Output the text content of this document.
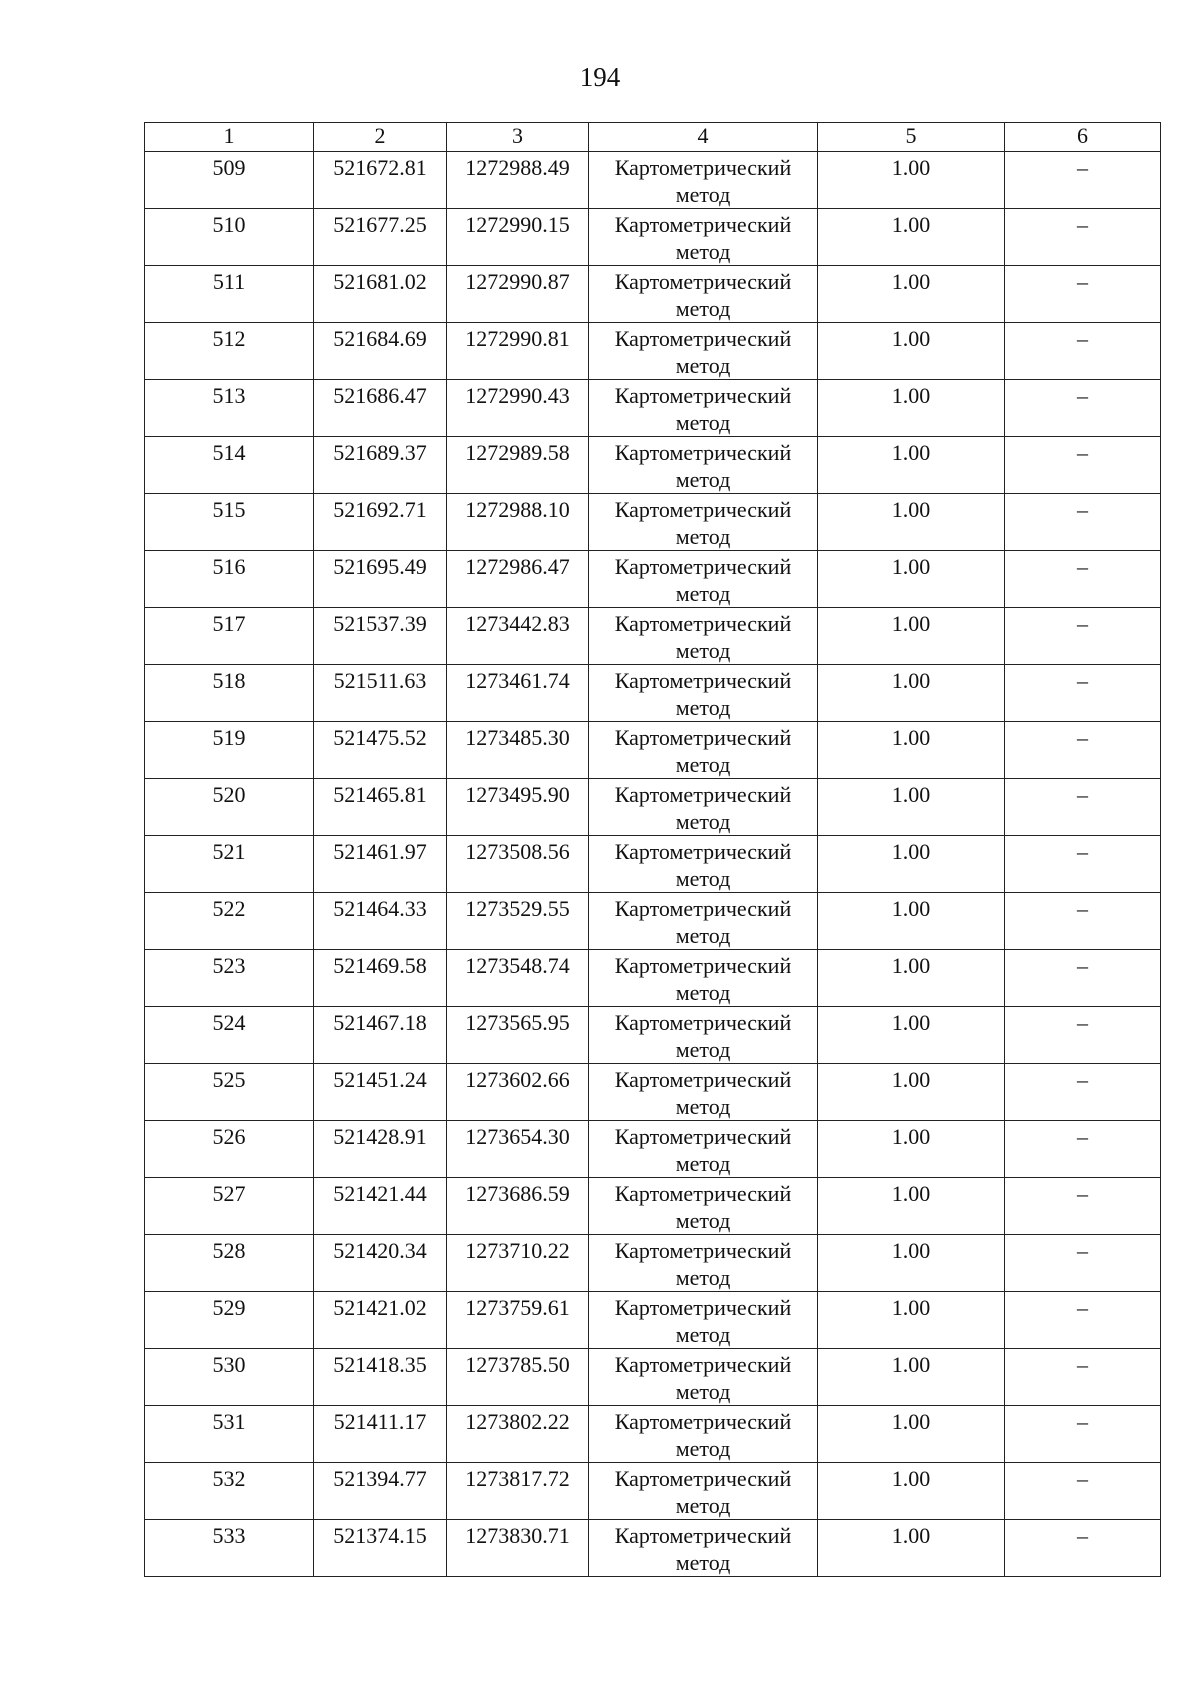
194
1	2	3	4	5	6
509	521672.81	1272988.49	Картометрический метод	1.00	–
510	521677.25	1272990.15	Картометрический метод	1.00	–
511	521681.02	1272990.87	Картометрический метод	1.00	–
512	521684.69	1272990.81	Картометрический метод	1.00	–
513	521686.47	1272990.43	Картометрический метод	1.00	–
514	521689.37	1272989.58	Картометрический метод	1.00	–
515	521692.71	1272988.10	Картометрический метод	1.00	–
516	521695.49	1272986.47	Картометрический метод	1.00	–
517	521537.39	1273442.83	Картометрический метод	1.00	–
518	521511.63	1273461.74	Картометрический метод	1.00	–
519	521475.52	1273485.30	Картометрический метод	1.00	–
520	521465.81	1273495.90	Картометрический метод	1.00	–
521	521461.97	1273508.56	Картометрический метод	1.00	–
522	521464.33	1273529.55	Картометрический метод	1.00	–
523	521469.58	1273548.74	Картометрический метод	1.00	–
524	521467.18	1273565.95	Картометрический метод	1.00	–
525	521451.24	1273602.66	Картометрический метод	1.00	–
526	521428.91	1273654.30	Картометрический метод	1.00	–
527	521421.44	1273686.59	Картометрический метод	1.00	–
528	521420.34	1273710.22	Картометрический метод	1.00	–
529	521421.02	1273759.61	Картометрический метод	1.00	–
530	521418.35	1273785.50	Картометрический метод	1.00	–
531	521411.17	1273802.22	Картометрический метод	1.00	–
532	521394.77	1273817.72	Картометрический метод	1.00	–
533	521374.15	1273830.71	Картометрический метод	1.00	–
